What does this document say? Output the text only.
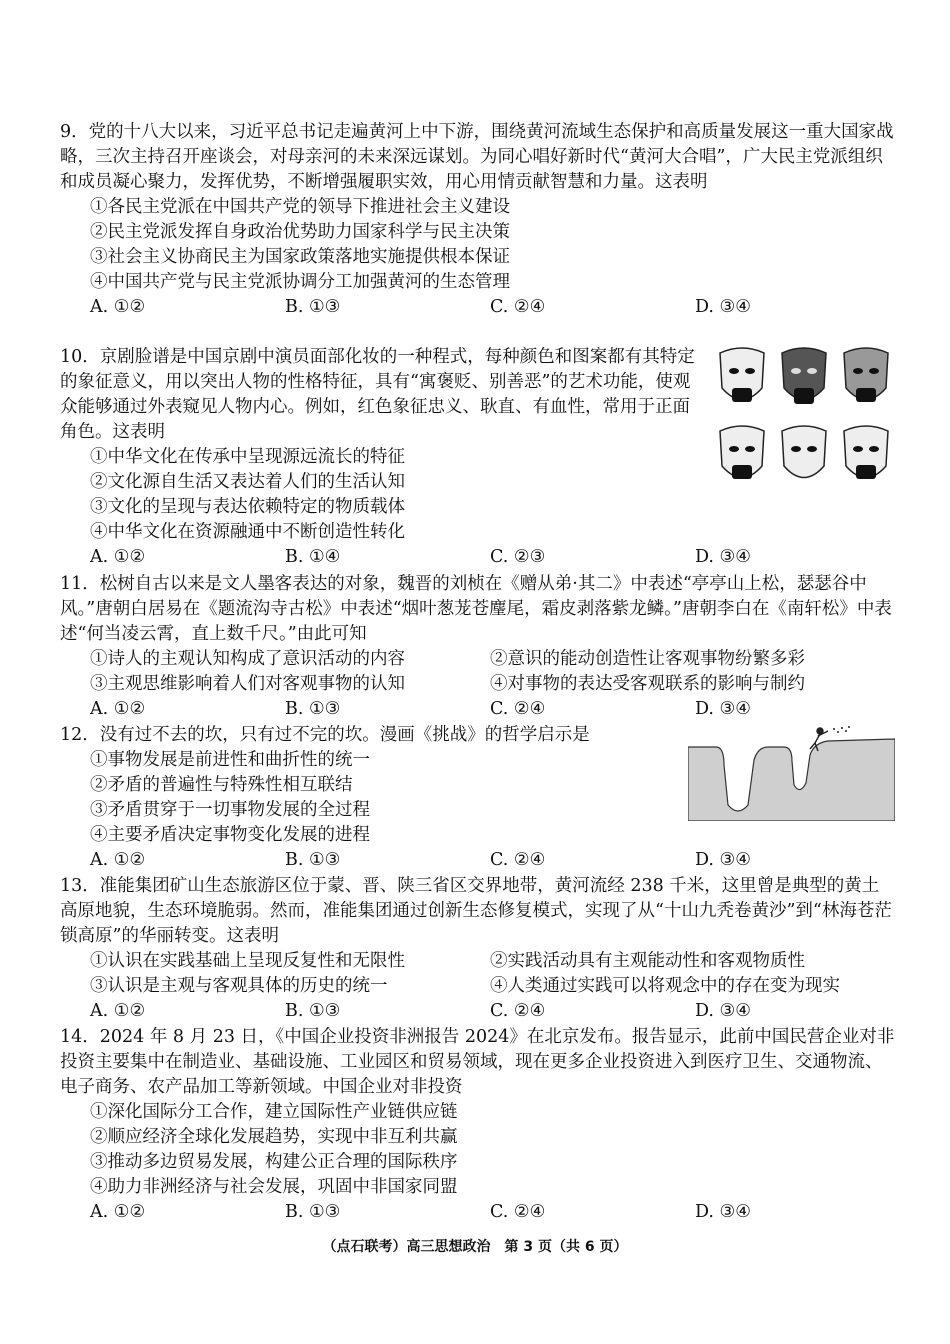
9．党的十八大以来，习近平总书记走遍黄河上中下游，围绕黄河流域生态保护和高质量发展这一重大国家战略，三次主持召开座谈会，对母亲河的未来深远谋划。为同心唱好新时代“黄河大合唱”，广大民主党派组织和成员凝心聚力，发挥优势，不断增强履职实效，用心用情贡献智慧和力量。这表明

①各民主党派在中国共产党的领导下推进社会主义建设

②民主党派发挥自身政治优势助力国家科学与民主决策

③社会主义协商民主为国家政策落地实施提供根本保证

④中国共产党与民主党派协调分工加强黄河的生态管理

A. ①②	B. ①③	C. ②④	D. ③④

10．京剧脸谱是中国京剧中演员面部化妆的一种程式，每种颜色和图案都有其特定的象征意义，用以突出人物的性格特征，具有“寓褒贬、别善恶”的艺术功能，使观众能够通过外表窥见人物内心。例如，红色象征忠义、耿直、有血性，常用于正面角色。这表明

①中华文化在传承中呈现源远流长的特征

②文化源自生活又表达着人们的生活认知

③文化的呈现与表达依赖特定的物质载体

④中华文化在资源融通中不断创造性转化

A. ①②	B. ①④	C. ②③	D. ③④

11．松树自古以来是文人墨客表达的对象，魏晋的刘桢在《赠从弟·其二》中表述“亭亭山上松，瑟瑟谷中风。”唐朝白居易在《题流沟寺古松》中表述“烟叶葱茏苍麈尾，霜皮剥落紫龙鳞。”唐朝李白在《南轩松》中表述“何当凌云霄，直上数千尺。”由此可知

①诗人的主观认知构成了意识活动的内容	②意识的能动创造性让客观事物纷繁多彩
③主观思维影响着人们对客观事物的认知	④对事物的表达受客观联系的影响与制约
A. ①②	B. ①③	C. ②④	D. ③④

12．没有过不去的坎，只有过不完的坎。漫画《挑战》的哲学启示是

①事物发展是前进性和曲折性的统一

②矛盾的普遍性与特殊性相互联结

③矛盾贯穿于一切事物发展的全过程

④主要矛盾决定事物变化发展的进程

A. ①②	B. ①③	C. ②④	D. ③④

13．准能集团矿山生态旅游区位于蒙、晋、陕三省区交界地带，黄河流经 238 千米，这里曾是典型的黄土高原地貌，生态环境脆弱。然而，准能集团通过创新生态修复模式，实现了从“十山九秃卷黄沙”到“林海苍茫锁高原”的华丽转变。这表明

①认识在实践基础上呈现反复性和无限性	②实践活动具有主观能动性和客观物质性
③认识是主观与客观具体的历史的统一	④人类通过实践可以将观念中的存在变为现实
A. ①②	B. ①③	C. ②④	D. ③④

14．2024 年 8 月 23 日，《中国企业投资非洲报告 2024》在北京发布。报告显示，此前中国民营企业对非投资主要集中在制造业、基础设施、工业园区和贸易领域，现在更多企业投资进入到医疗卫生、交通物流、电子商务、农产品加工等新领域。中国企业对非投资

①深化国际分工合作，建立国际性产业链供应链

②顺应经济全球化发展趋势，实现中非互利共赢

③推动多边贸易发展，构建公正合理的国际秩序

④助力非洲经济与社会发展，巩固中非国家同盟

A. ①②	B. ①③	C. ②④	D. ③④
（点石联考）高三思想政治　第 3 页（共 6 页）
